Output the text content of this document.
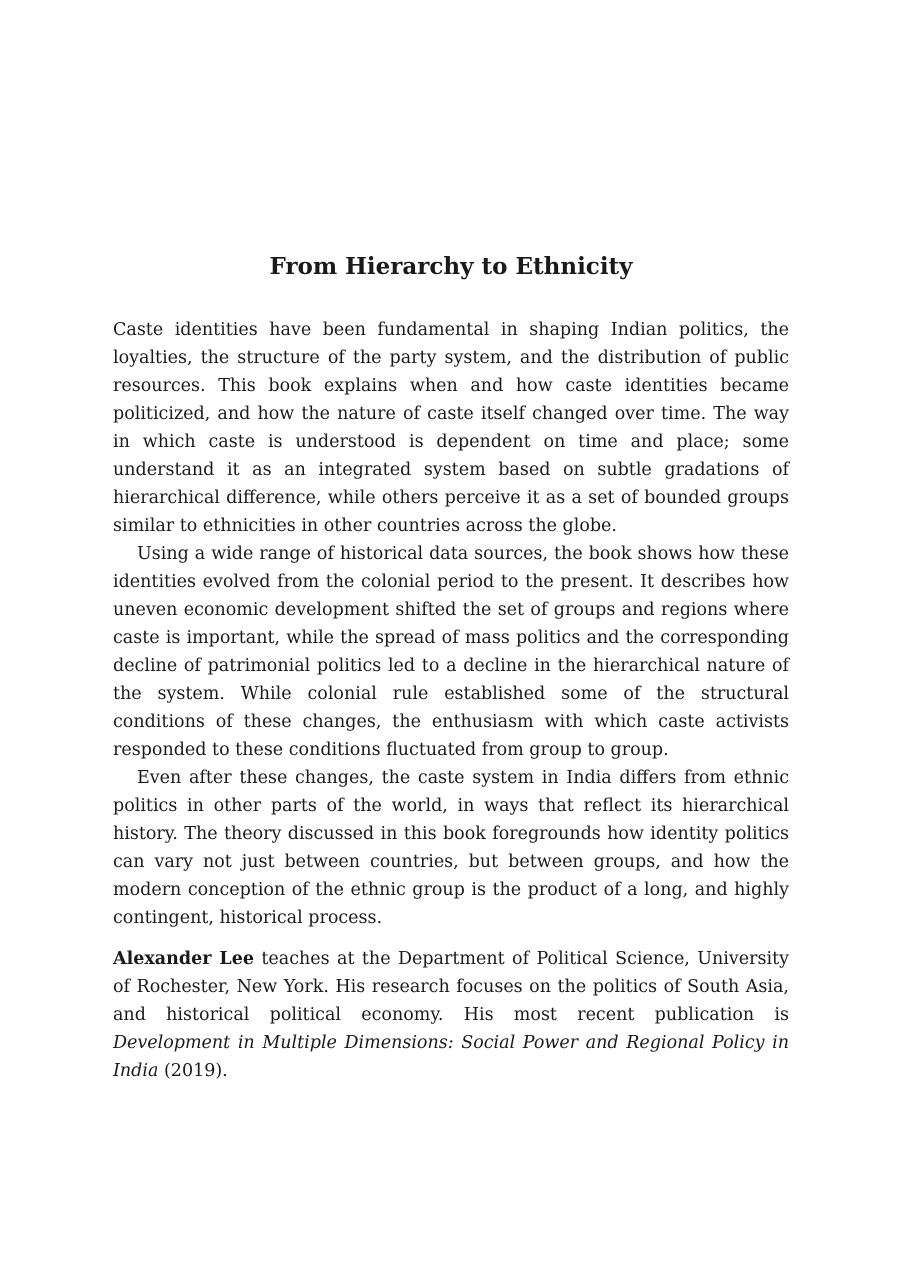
From Hierarchy to Ethnicity

Caste identities have been fundamental in shaping Indian politics, the loyalties, the structure of the party system, and the distribution of public resources. This book explains when and how caste identities became politicized, and how the nature of caste itself changed over time. The way in which caste is understood is dependent on time and place; some understand it as an integrated system based on subtle gradations of hierarchical difference, while others perceive it as a set of bounded groups similar to ethnicities in other countries across the globe.

Using a wide range of historical data sources, the book shows how these identities evolved from the colonial period to the present. It describes how uneven economic development shifted the set of groups and regions where caste is important, while the spread of mass politics and the corresponding decline of patrimonial politics led to a decline in the hierarchical nature of the system. While colonial rule established some of the structural conditions of these changes, the enthusiasm with which caste activists responded to these conditions fluctuated from group to group.

Even after these changes, the caste system in India differs from ethnic politics in other parts of the world, in ways that reflect its hierarchical history. The theory discussed in this book foregrounds how identity politics can vary not just between countries, but between groups, and how the modern conception of the ethnic group is the product of a long, and highly contingent, historical process.

Alexander Lee teaches at the Department of Political Science, University of Rochester, New York. His research focuses on the politics of South Asia, and historical political economy. His most recent publication is Development in Multiple Dimensions: Social Power and Regional Policy in India (2019).
